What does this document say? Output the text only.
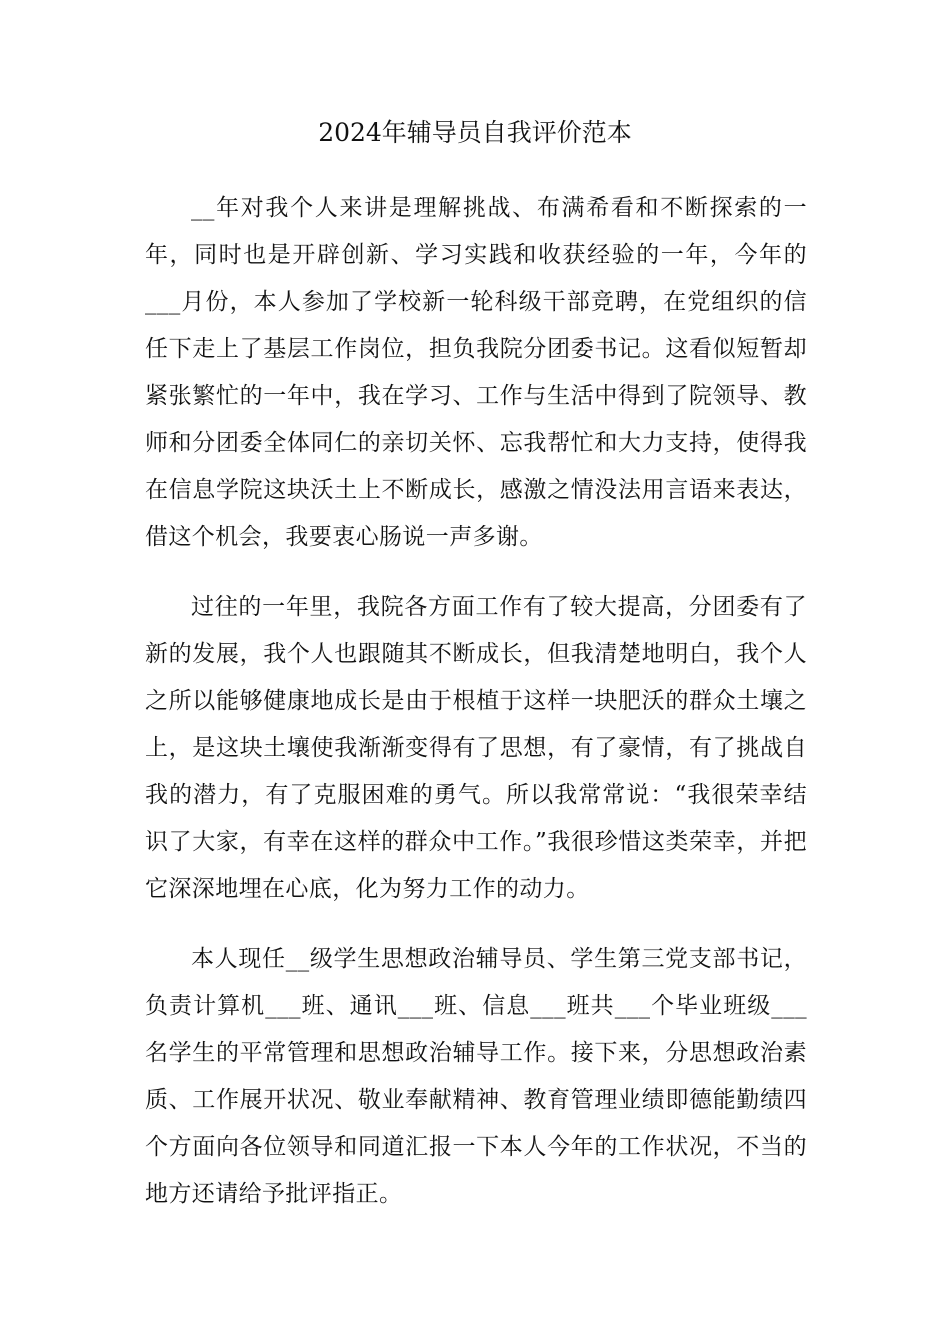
2024年辅导员自我评价范本

__年对我个人来讲是理解挑战、布满希看和不断探索的一年，同时也是开辟创新、学习实践和收获经验的一年，今年的___月份，本人参加了学校新一轮科级干部竞聘，在党组织的信任下走上了基层工作岗位，担负我院分团委书记。这看似短暂却紧张繁忙的一年中，我在学习、工作与生活中得到了院领导、教师和分团委全体同仁的亲切关怀、忘我帮忙和大力支持，使得我在信息学院这块沃土上不断成长，感激之情没法用言语来表达，借这个机会，我要衷心肠说一声多谢。

过往的一年里，我院各方面工作有了较大提高，分团委有了新的发展，我个人也跟随其不断成长，但我清楚地明白，我个人之所以能够健康地成长是由于根植于这样一块肥沃的群众土壤之上，是这块土壤使我渐渐变得有了思想，有了豪情，有了挑战自我的潜力，有了克服困难的勇气。所以我常常说：“我很荣幸结识了大家，有幸在这样的群众中工作。”我很珍惜这类荣幸，并把它深深地埋在心底，化为努力工作的动力。

本人现任__级学生思想政治辅导员、学生第三党支部书记，负责计算机___班、通讯___班、信息___班共___个毕业班级___名学生的平常管理和思想政治辅导工作。接下来，分思想政治素质、工作展开状况、敬业奉献精神、教育管理业绩即德能勤绩四个方面向各位领导和同道汇报一下本人今年的工作状况，不当的地方还请给予批评指正。
